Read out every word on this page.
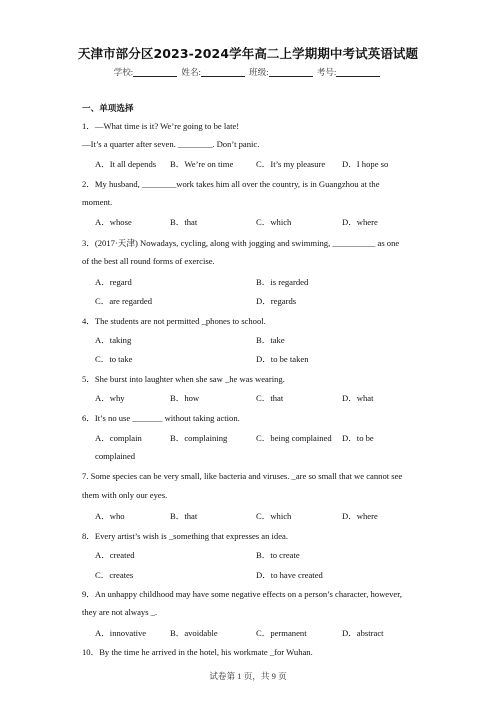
天津市部分区2023-2024学年高二上学期期中考试英语试题
学校:	姓名:	班级:	考号:
一、单项选择
1．—What time is it? We’re going to be late!
—It’s a quarter after seven. ________. Don’t panic.
A．It all depends B．We’re on time	C．It’s my pleasure D．I hope so
2．My husband, ________work takes him all over the country, is in Guangzhou at the
moment.
A．whose	B．that	C．which	D．where
3．(2017·天津) Nowadays, cycling, along with jogging and swimming, __________ as one
of the best all round forms of exercise.
A．regard	B．is regarded
C．are regarded	D．regards
4．The students are not permitted _phones to school.
A．taking	B．take
C．to take	D．to be taken
5．She burst into laughter when she saw _he was wearing.
A．why	B．how	C．that	D．what
6．It’s no use _______ without taking action.
A．complain	B．complaining	C．being complained D．to be
complained
7. Some species can be very small, like bacteria and viruses. _are so small that we cannot see
them with only our eyes.
A．who	B．that	C．which	D．where
8．Every artist’s wish is _something that expresses an idea.
A．created	B．to create
C．creates	D．to have created
9．An unhappy childhood may have some negative effects on a person’s character, however,
they are not always _.
A．innovative	B．avoidable	C．permanent	D．abstract
10．By the time he arrived in the hotel, his workmate _for Wuhan.
试卷第 1 页，共 9 页
